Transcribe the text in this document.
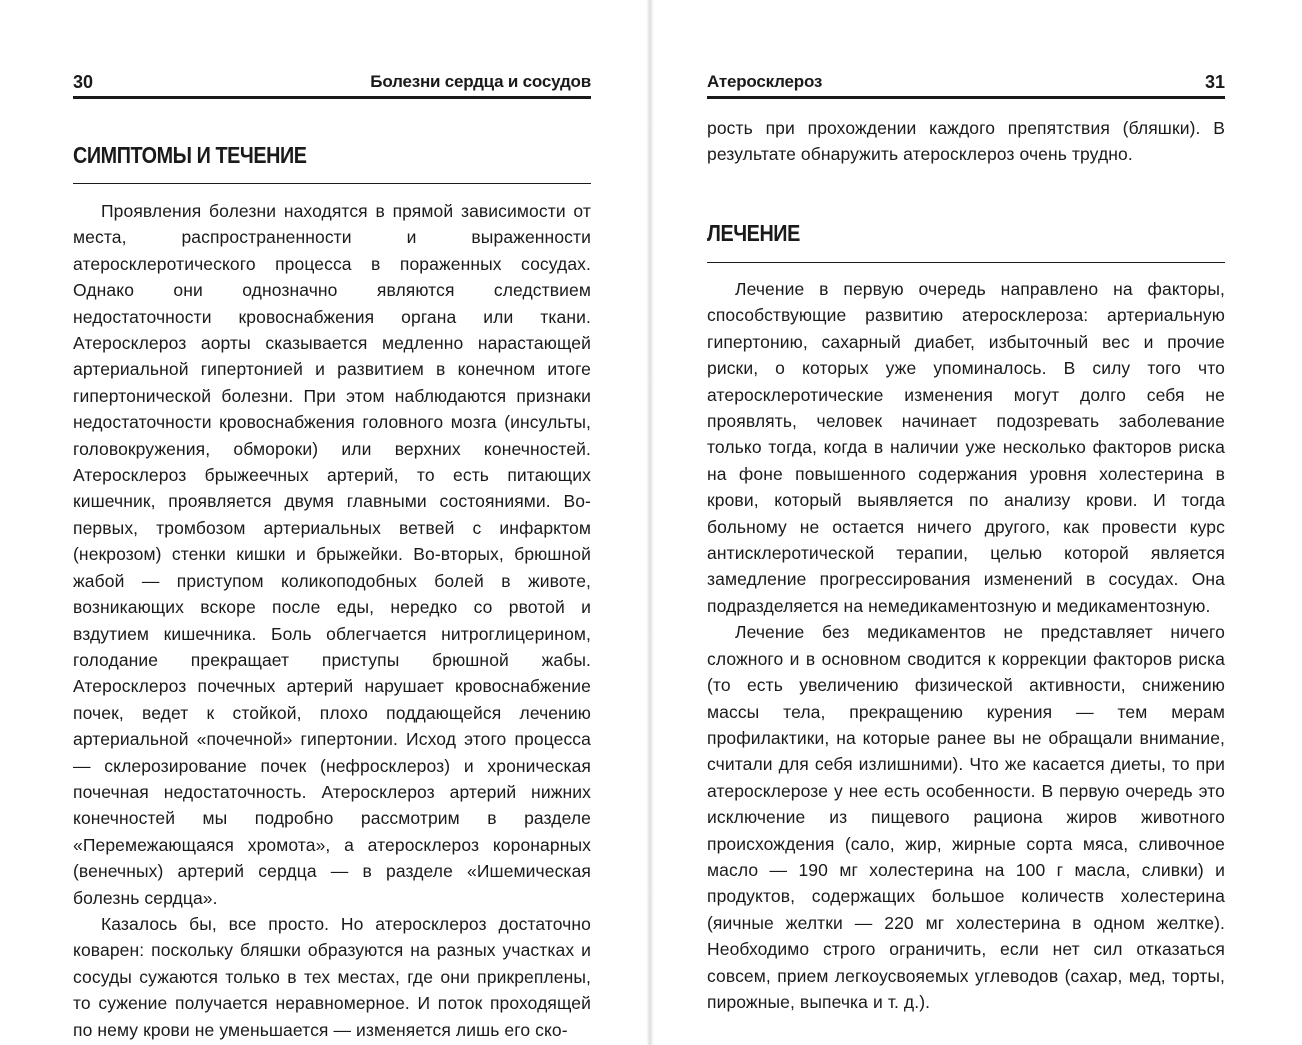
30	Болезни сердца и сосудов
СИМПТОМЫ И ТЕЧЕНИЕ

Проявления болезни находятся в прямой зависимости от места, распространенности и выраженности атеросклеротического процесса в пораженных сосудах. Однако они однозначно являются следствием недостаточности кровоснабжения органа или ткани. Атеросклероз аорты сказывается медленно нарастающей артериальной гипертонией и развитием в конечном итоге гипертонической болезни. При этом наблюдаются признаки недостаточности кровоснабжения головного мозга (инсульты, головокружения, обмороки) или верхних конечностей. Атеросклероз брыжеечных артерий, то есть питающих кишечник, проявляется двумя главными состояниями. Во-первых, тромбозом артериальных ветвей с инфарктом (некрозом) стенки кишки и брыжейки. Во-вторых, брюшной жабой — приступом коликоподобных болей в животе, возникающих вскоре после еды, нередко со рвотой и вздутием кишечника. Боль облегчается нитроглицерином, голодание прекращает приступы брюшной жабы. Атеросклероз почечных артерий нарушает кровоснабжение почек, ведет к стойкой, плохо поддающейся лечению артериальной «почечной» гипертонии. Исход этого процесса — склерозирование почек (нефросклероз) и хроническая почечная недостаточность. Атеросклероз артерий нижних конечностей мы подробно рассмотрим в разделе «Перемежающаяся хромота», а атеросклероз коронарных (венечных) артерий сердца — в разделе «Ишемическая болезнь сердца».

Казалось бы, все просто. Но атеросклероз достаточно коварен: поскольку бляшки образуются на разных участках и сосуды сужаются только в тех местах, где они прикреплены, то сужение получается неравномерное. И поток проходящей по нему крови не уменьшается — изменяется лишь его ско-

Атеросклероз	31

рость при прохождении каждого препятствия (бляшки). В результате обнаружить атеросклероз очень трудно.

ЛЕЧЕНИЕ

Лечение в первую очередь направлено на факторы, способствующие развитию атеросклероза: артериальную гипертонию, сахарный диабет, избыточный вес и прочие риски, о которых уже упоминалось. В силу того что атеросклеротические изменения могут долго себя не проявлять, человек начинает подозревать заболевание только тогда, когда в наличии уже несколько факторов риска на фоне повышенного содержания уровня холестерина в крови, который выявляется по анализу крови. И тогда больному не остается ничего другого, как провести курс антисклеротической терапии, целью которой является замедление прогрессирования изменений в сосудах. Она подразделяется на немедикаментозную и медикаментозную.

Лечение без медикаментов не представляет ничего сложного и в основном сводится к коррекции факторов риска (то есть увеличению физической активности, снижению массы тела, прекращению курения — тем мерам профилактики, на которые ранее вы не обращали внимание, считали для себя излишними). Что же касается диеты, то при атеросклерозе у нее есть особенности. В первую очередь это исключение из пищевого рациона жиров животного происхождения (сало, жир, жирные сорта мяса, сливочное масло — 190 мг холестерина на 100 г масла, сливки) и продуктов, содержащих большое количеств холестерина (яичные желтки — 220 мг холестерина в одном желтке). Необходимо строго ограничить, если нет сил отказаться совсем, прием легкоусвояемых углеводов (сахар, мед, торты, пирожные, выпечка и т. д.).
